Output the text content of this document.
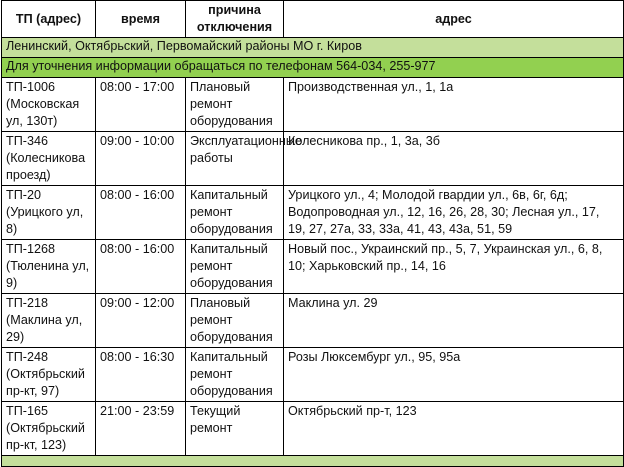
ТП (адрес)	время	причина отключения	адрес
Ленинский, Октябрьский, Первомайский районы МО г. Киров			
Для уточнения информации обращаться по телефонам 564-034, 255-977			
ТП-1006 (Московская ул, 130т)	08:00 - 17:00	Плановый ремонт оборудования	Производственная ул., 1, 1а
ТП-346 (Колесникова проезд)	09:00 - 10:00	Эксплуатационные работы	Колесникова пр., 1, 3а, 3б
ТП-20 (Урицкого ул, 8)	08:00 - 16:00	Капитальный ремонт оборудования	Урицкого ул., 4; Молодой гвардии ул., 6в, 6г, 6д; Водопроводная ул., 12, 16, 26, 28, 30; Лесная ул., 17, 19, 27, 27а, 33, 33а, 41, 43, 43а, 51, 59
ТП-1268 (Тюленина ул, 9)	08:00 - 16:00	Капитальный ремонт оборудования	Новый пос., Украинский пр., 5, 7, Украинская ул., 6, 8, 10; Харьковский пр., 14, 16
ТП-218 (Маклина ул, 29)	09:00 - 12:00	Плановый ремонт оборудования	Маклина ул. 29
ТП-248 (Октябрьский пр-кт, 97)	08:00 - 16:30	Капитальный ремонт оборудования	Розы Люксембург ул., 95, 95а
ТП-165 (Октябрьский пр-кт, 123)	21:00 - 23:59	Текущий ремонт	Октябрьский пр-т, 123
